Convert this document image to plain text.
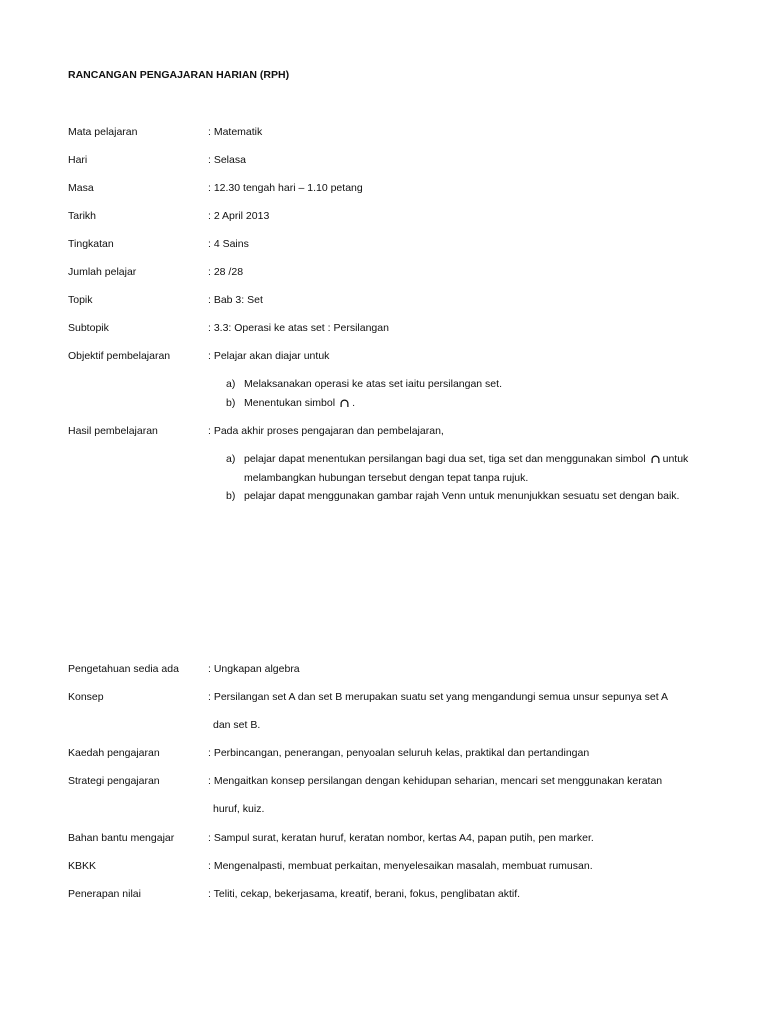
RANCANGAN PENGAJARAN HARIAN (RPH)
Mata pelajaran	: Matematik
Hari	: Selasa
Masa	: 12.30 tengah hari – 1.10 petang
Tarikh	: 2 April 2013
Tingkatan	: 4 Sains
Jumlah pelajar	: 28 /28
Topik	: Bab 3: Set
Subtopik	: 3.3: Operasi ke atas set : Persilangan
Objektif pembelajaran	: Pelajar akan diajar untuk
a) Melaksanakan operasi ke atas set iaitu persilangan set.
b) Menentukan simbol .
Hasil pembelajaran	: Pada akhir proses pengajaran dan pembelajaran,
a) pelajar dapat menentukan persilangan bagi dua set, tiga set dan menggunakan simbol untuk
melambangkan hubungan tersebut dengan tepat tanpa rujuk.
b) pelajar dapat menggunakan gambar rajah Venn untuk menunjukkan sesuatu set dengan baik.
Pengetahuan sedia ada	: Ungkapan algebra
Konsep	: Persilangan set A dan set B merupakan suatu set yang mengandungi semua unsur sepunya set A
dan set B.
Kaedah pengajaran	: Perbincangan, penerangan, penyoalan seluruh kelas, praktikal dan pertandingan
Strategi pengajaran	: Mengaitkan konsep persilangan dengan kehidupan seharian, mencari set menggunakan keratan
huruf, kuiz.
Bahan bantu mengajar	: Sampul surat, keratan huruf, keratan nombor, kertas A4, papan putih, pen marker.
KBKK	: Mengenalpasti, membuat perkaitan, menyelesaikan masalah, membuat rumusan.
Penerapan nilai	: Teliti, cekap, bekerjasama, kreatif, berani, fokus, penglibatan aktif.
